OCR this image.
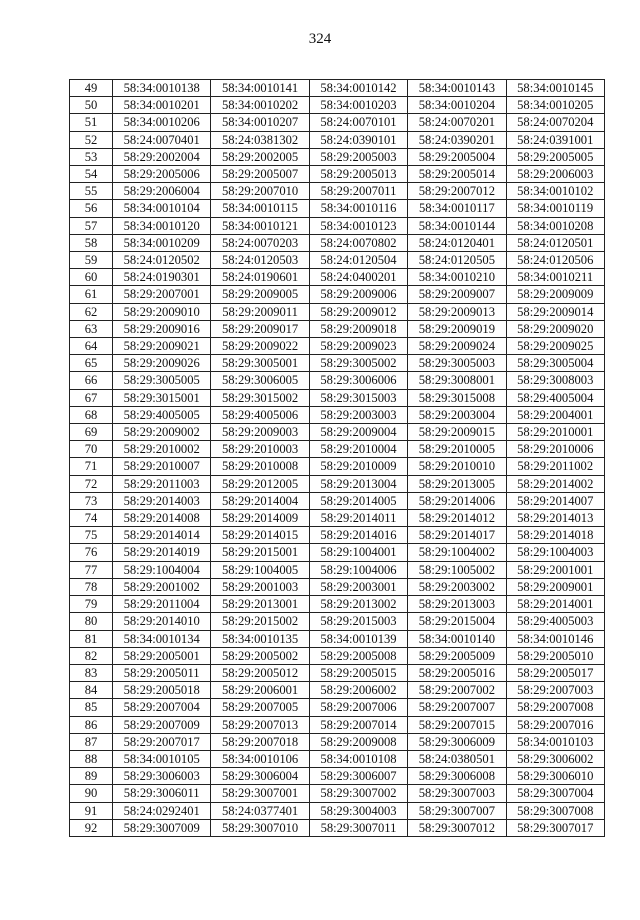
324
49	58:34:0010138	58:34:0010141	58:34:0010142	58:34:0010143	58:34:0010145
50	58:34:0010201	58:34:0010202	58:34:0010203	58:34:0010204	58:34:0010205
51	58:34:0010206	58:34:0010207	58:24:0070101	58:24:0070201	58:24:0070204
52	58:24:0070401	58:24:0381302	58:24:0390101	58:24:0390201	58:24:0391001
53	58:29:2002004	58:29:2002005	58:29:2005003	58:29:2005004	58:29:2005005
54	58:29:2005006	58:29:2005007	58:29:2005013	58:29:2005014	58:29:2006003
55	58:29:2006004	58:29:2007010	58:29:2007011	58:29:2007012	58:34:0010102
56	58:34:0010104	58:34:0010115	58:34:0010116	58:34:0010117	58:34:0010119
57	58:34:0010120	58:34:0010121	58:34:0010123	58:34:0010144	58:34:0010208
58	58:34:0010209	58:24:0070203	58:24:0070802	58:24:0120401	58:24:0120501
59	58:24:0120502	58:24:0120503	58:24:0120504	58:24:0120505	58:24:0120506
60	58:24:0190301	58:24:0190601	58:24:0400201	58:34:0010210	58:34:0010211
61	58:29:2007001	58:29:2009005	58:29:2009006	58:29:2009007	58:29:2009009
62	58:29:2009010	58:29:2009011	58:29:2009012	58:29:2009013	58:29:2009014
63	58:29:2009016	58:29:2009017	58:29:2009018	58:29:2009019	58:29:2009020
64	58:29:2009021	58:29:2009022	58:29:2009023	58:29:2009024	58:29:2009025
65	58:29:2009026	58:29:3005001	58:29:3005002	58:29:3005003	58:29:3005004
66	58:29:3005005	58:29:3006005	58:29:3006006	58:29:3008001	58:29:3008003
67	58:29:3015001	58:29:3015002	58:29:3015003	58:29:3015008	58:29:4005004
68	58:29:4005005	58:29:4005006	58:29:2003003	58:29:2003004	58:29:2004001
69	58:29:2009002	58:29:2009003	58:29:2009004	58:29:2009015	58:29:2010001
70	58:29:2010002	58:29:2010003	58:29:2010004	58:29:2010005	58:29:2010006
71	58:29:2010007	58:29:2010008	58:29:2010009	58:29:2010010	58:29:2011002
72	58:29:2011003	58:29:2012005	58:29:2013004	58:29:2013005	58:29:2014002
73	58:29:2014003	58:29:2014004	58:29:2014005	58:29:2014006	58:29:2014007
74	58:29:2014008	58:29:2014009	58:29:2014011	58:29:2014012	58:29:2014013
75	58:29:2014014	58:29:2014015	58:29:2014016	58:29:2014017	58:29:2014018
76	58:29:2014019	58:29:2015001	58:29:1004001	58:29:1004002	58:29:1004003
77	58:29:1004004	58:29:1004005	58:29:1004006	58:29:1005002	58:29:2001001
78	58:29:2001002	58:29:2001003	58:29:2003001	58:29:2003002	58:29:2009001
79	58:29:2011004	58:29:2013001	58:29:2013002	58:29:2013003	58:29:2014001
80	58:29:2014010	58:29:2015002	58:29:2015003	58:29:2015004	58:29:4005003
81	58:34:0010134	58:34:0010135	58:34:0010139	58:34:0010140	58:34:0010146
82	58:29:2005001	58:29:2005002	58:29:2005008	58:29:2005009	58:29:2005010
83	58:29:2005011	58:29:2005012	58:29:2005015	58:29:2005016	58:29:2005017
84	58:29:2005018	58:29:2006001	58:29:2006002	58:29:2007002	58:29:2007003
85	58:29:2007004	58:29:2007005	58:29:2007006	58:29:2007007	58:29:2007008
86	58:29:2007009	58:29:2007013	58:29:2007014	58:29:2007015	58:29:2007016
87	58:29:2007017	58:29:2007018	58:29:2009008	58:29:3006009	58:34:0010103
88	58:34:0010105	58:34:0010106	58:34:0010108	58:24:0380501	58:29:3006002
89	58:29:3006003	58:29:3006004	58:29:3006007	58:29:3006008	58:29:3006010
90	58:29:3006011	58:29:3007001	58:29:3007002	58:29:3007003	58:29:3007004
91	58:24:0292401	58:24:0377401	58:29:3004003	58:29:3007007	58:29:3007008
92	58:29:3007009	58:29:3007010	58:29:3007011	58:29:3007012	58:29:3007017
